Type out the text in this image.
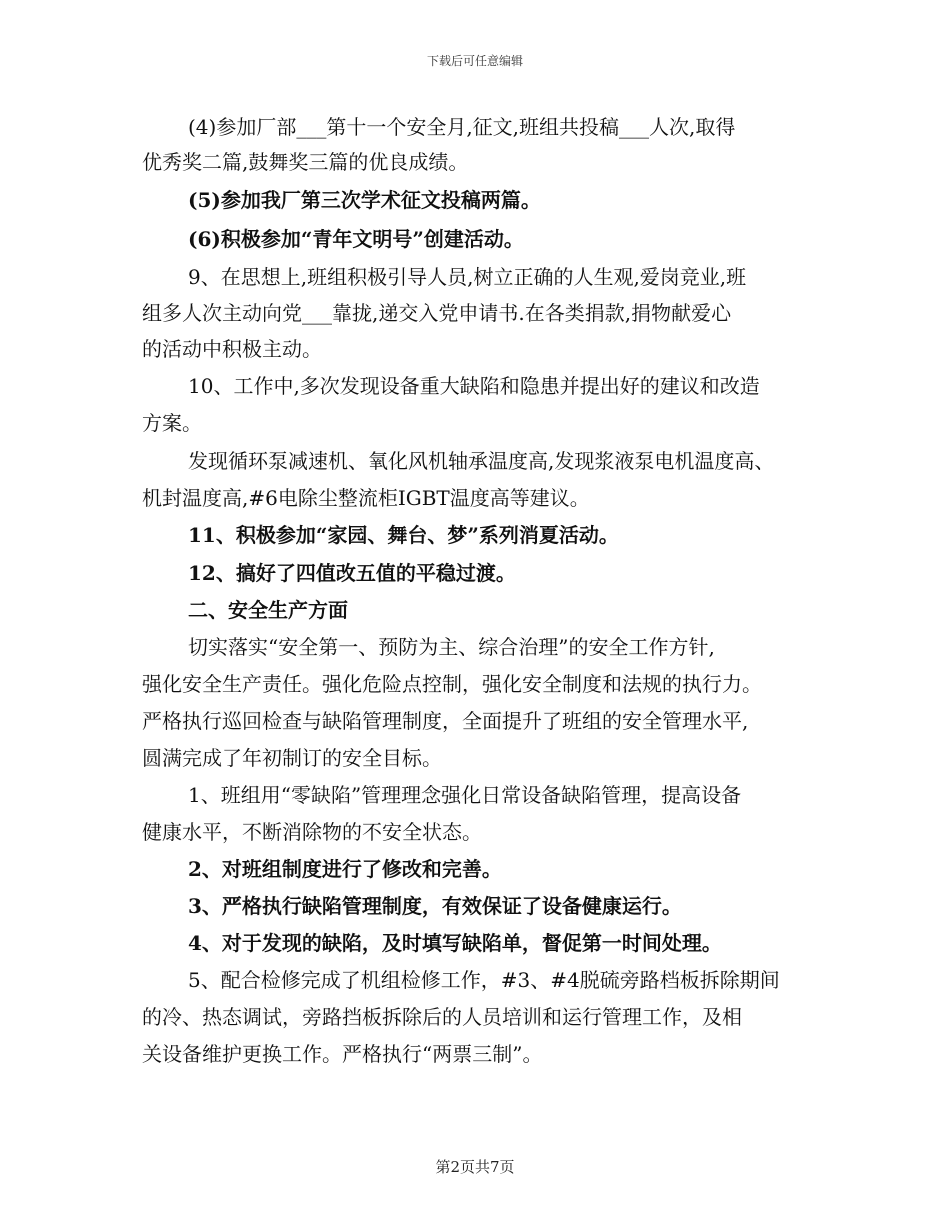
下载后可任意编辑
(4)参加厂部___第十一个安全月,征文,班组共投稿___人次,取得
优秀奖二篇,鼓舞奖三篇的优良成绩。
(5)参加我厂第三次学术征文投稿两篇。
(6)积极参加“青年文明号”创建活动。
9、在思想上,班组积极引导人员,树立正确的人生观,爱岗竞业,班
组多人次主动向党___靠拢,递交入党申请书.在各类捐款,捐物献爱心
的活动中积极主动。
10、工作中,多次发现设备重大缺陷和隐患并提出好的建议和改造
方案。
发现循环泵减速机、氧化风机轴承温度高,发现浆液泵电机温度高、
机封温度高,#6电除尘整流柜IGBT温度高等建议。
11、积极参加“家园、舞台、梦”系列消夏活动。
12、搞好了四值改五值的平稳过渡。
二、安全生产方面
切实落实“安全第一、预防为主、综合治理”的安全工作方针,
强化安全生产责任。强化危险点控制，强化安全制度和法规的执行力。
严格执行巡回检查与缺陷管理制度，全面提升了班组的安全管理水平,
圆满完成了年初制订的安全目标。
1、班组用“零缺陷”管理理念强化日常设备缺陷管理，提高设备
健康水平，不断消除物的不安全状态。
2、对班组制度进行了修改和完善。
3、严格执行缺陷管理制度，有效保证了设备健康运行。
4、对于发现的缺陷，及时填写缺陷单，督促第一时间处理。
5、配合检修完成了机组检修工作，#3、#4脱硫旁路档板拆除期间
的冷、热态调试，旁路挡板拆除后的人员培训和运行管理工作，及相
关设备维护更换工作。严格执行“两票三制”。
第2页共7页
